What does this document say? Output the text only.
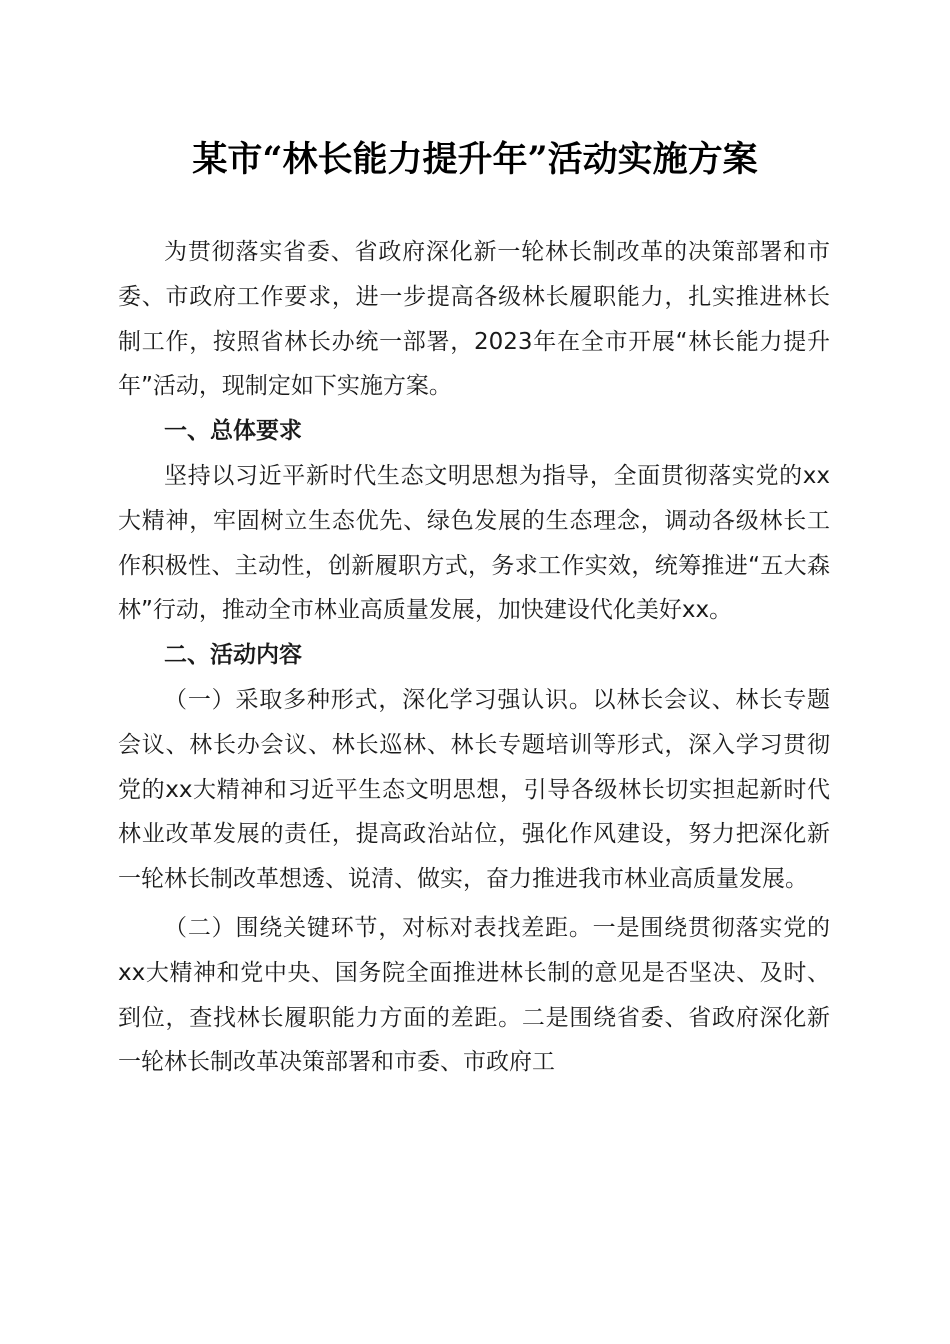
某市“林长能力提升年”活动实施方案

为贯彻落实省委、省政府深化新一轮林长制改革的决策部署和市委、市政府工作要求，进一步提高各级林长履职能力，扎实推进林长制工作，按照省林长办统一部署，2023年在全市开展“林长能力提升年”活动，现制定如下实施方案。

一、总体要求

坚持以习近平新时代生态文明思想为指导，全面贯彻落实党的xx大精神，牢固树立生态优先、绿色发展的生态理念，调动各级林长工作积极性、主动性，创新履职方式，务求工作实效，统筹推进“五大森林”行动，推动全市林业高质量发展，加快建设代化美好xx。

二、活动内容

（一）采取多种形式，深化学习强认识。以林长会议、林长专题会议、林长办会议、林长巡林、林长专题培训等形式，深入学习贯彻党的xx大精神和习近平生态文明思想，引导各级林长切实担起新时代林业改革发展的责任，提高政治站位，强化作风建设，努力把深化新一轮林长制改革想透、说清、做实，奋力推进我市林业高质量发展。

（二）围绕关键环节，对标对表找差距。一是围绕贯彻落实党的xx大精神和党中央、国务院全面推进林长制的意见是否坚决、及时、到位，查找林长履职能力方面的差距。二是围绕省委、省政府深化新一轮林长制改革决策部署和市委、市政府工
